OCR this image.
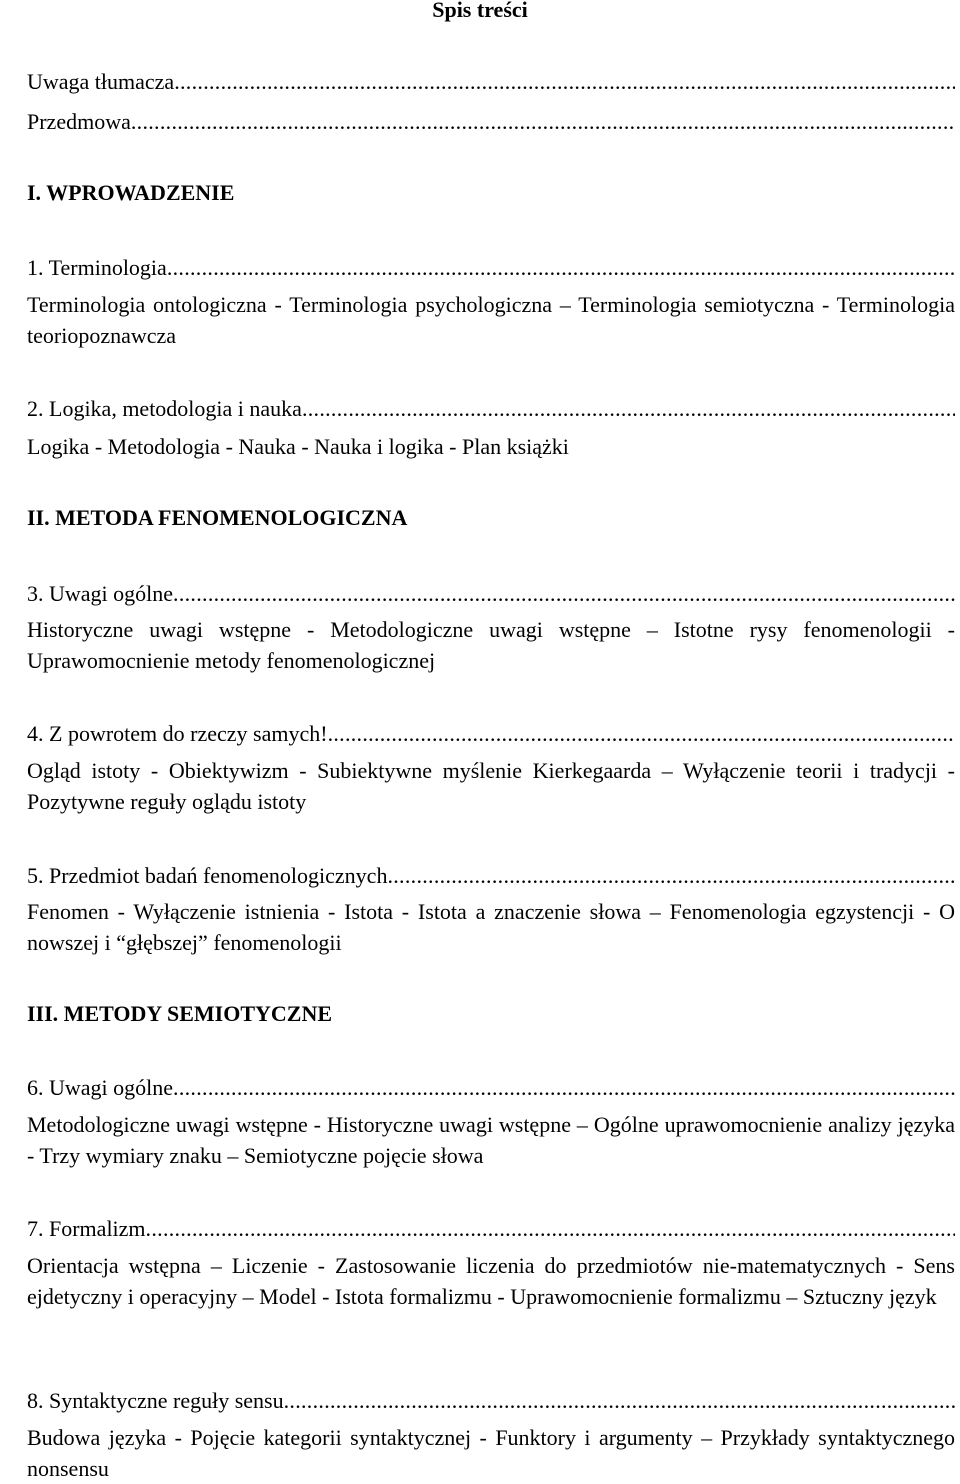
Spis treści
Uwaga tłumacza .....
Przedmowa .....
I. WPROWADZENIE
1. Terminologia .....

Terminologia ontologiczna - Terminologia psychologiczna – Terminologia semiotyczna - Terminologia teoriopoznawcza

2. Logika, metodologia i nauka .....

Logika - Metodologia - Nauka - Nauka i logika - Plan książki

II. METODA FENOMENOLOGICZNA
3. Uwagi ogólne .....

Historyczne uwagi wstępne - Metodologiczne uwagi wstępne – Istotne rysy fenomenologii - Uprawomocnienie metody fenomenologicznej

4. Z powrotem do rzeczy samych! .....

Ogląd istoty - Obiektywizm - Subiektywne myślenie Kierkegaarda – Wyłączenie teorii i tradycji - Pozytywne reguły oglądu istoty

5. Przedmiot badań fenomenologicznych .....

Fenomen - Wyłączenie istnienia - Istota - Istota a znaczenie słowa – Fenomenologia egzystencji - O nowszej i “głębszej” fenomenologii

III. METODY SEMIOTYCZNE
6. Uwagi ogólne .....

Metodologiczne uwagi wstępne - Historyczne uwagi wstępne – Ogólne uprawomocnienie analizy języka - Trzy wymiary znaku – Semiotyczne pojęcie słowa

7. Formalizm .....

Orientacja wstępna – Liczenie - Zastosowanie liczenia do przedmiotów nie-matematycznych - Sens ejdetyczny i operacyjny – Model - Istota formalizmu - Uprawomocnienie formalizmu – Sztuczny język

8. Syntaktyczne reguły sensu .....

Budowa języka - Pojęcie kategorii syntaktycznej - Funktory i argumenty – Przykłady syntaktycznego nonsensu
